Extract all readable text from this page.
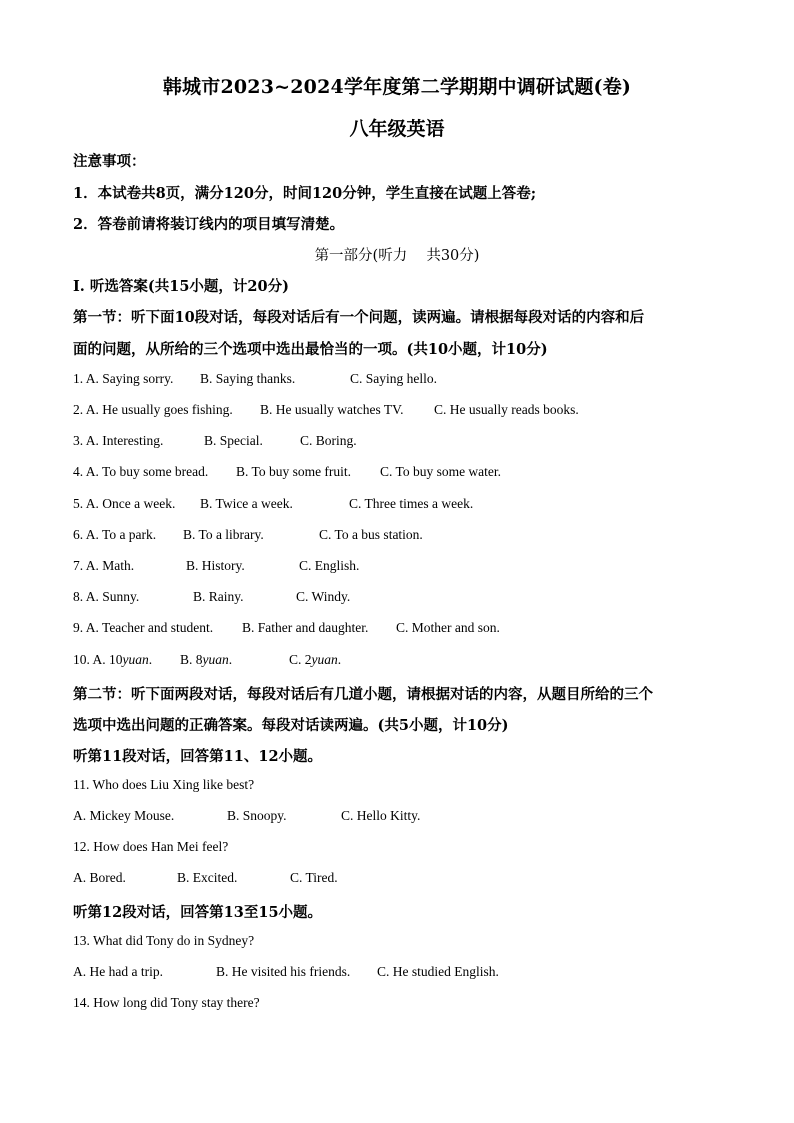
韩城市2023~2024学年度第二学期期中调研试题(卷)
八年级英语
注意事项：
1．本试卷共8页，满分120分，时间120分钟，学生直接在试题上答卷;
2．答卷前请将装订线内的项目填写清楚。
第一部分(听力　 共30分)
Ⅰ. 听选答案(共15小题，计20分)
第一节：听下面10段对话，每段对话后有一个问题，读两遍。请根据每段对话的内容和后
面的问题，从所给的三个选项中选出最恰当的一项。(共10小题，计10分)
1. A. Saying sorry. B. Saying thanks.	C. Saying hello.
2. A. He usually goes fishing. B. He usually watches TV. C. He usually reads books.
3. A. Interesting.	B. Special.	C. Boring.
4. A. To buy some bread. B. To buy some fruit. C. To buy some water.
5. A. Once a week. B. Twice a week.	C. Three times a week.
6. A. To a park. B. To a library.	C. To a bus station.
7. A. Math.	B. History.	C. English.
8. A. Sunny.	B. Rainy.	C. Windy.
9. A. Teacher and student. B. Father and daughter. C. Mother and son.
10. A. 10yuan. B. 8yuan.	C. 2yuan.
第二节：听下面两段对话，每段对话后有几道小题，请根据对话的内容，从题目所给的三个
选项中选出问题的正确答案。每段对话读两遍。(共5小题，计10分)
听第11段对话，回答第11、12小题。
11. Who does Liu Xing like best?
A. Mickey Mouse.	B. Snoopy.	C. Hello Kitty.
12. How does Han Mei feel?
A. Bored.	B. Excited.	C. Tired.
听第12段对话，回答第13至15小题。
13. What did Tony do in Sydney?
A. He had a trip.	B. He visited his friends. C. He studied English.
14. How long did Tony stay there?
